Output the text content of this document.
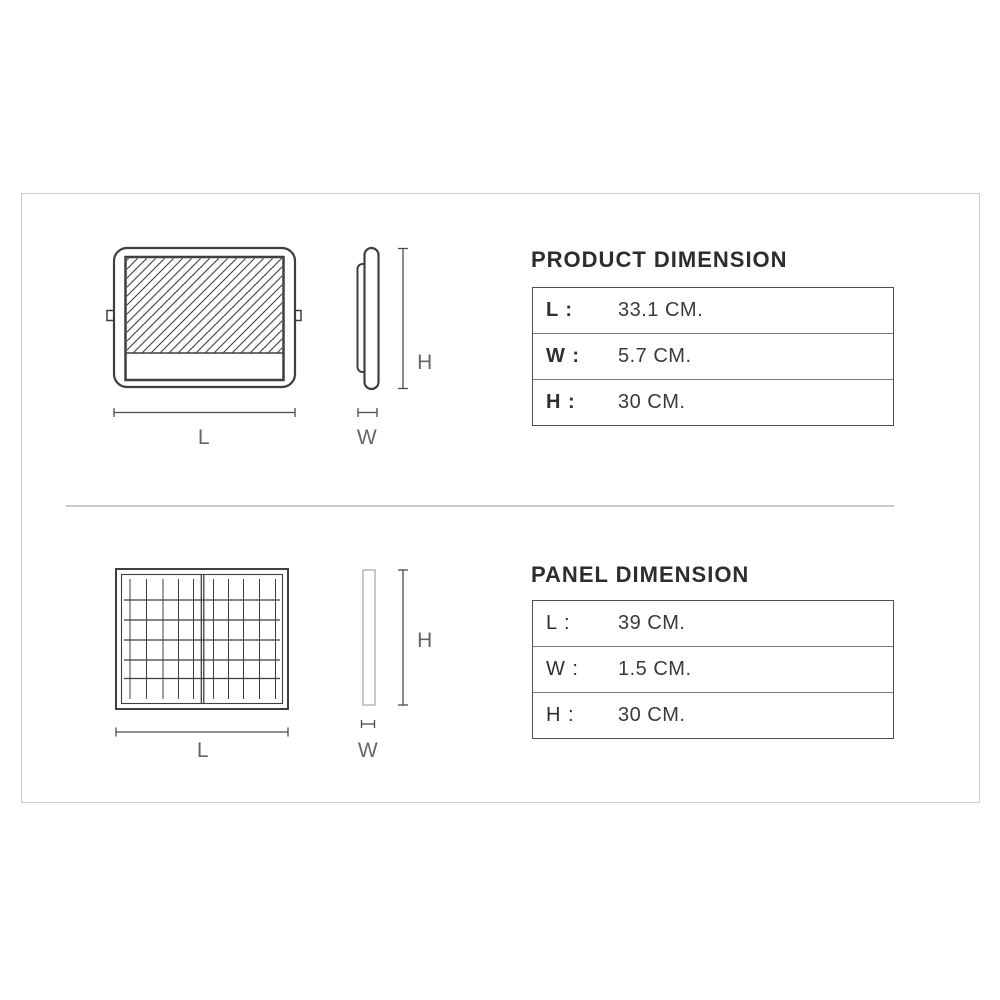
L	W
H
L	W
H
PRODUCT DIMENSION
L :	33.1 CM.
W :	5.7 CM.
H :	30 CM.
PANEL DIMENSION
L :	39 CM.
W :	1.5 CM.
H :	30 CM.
